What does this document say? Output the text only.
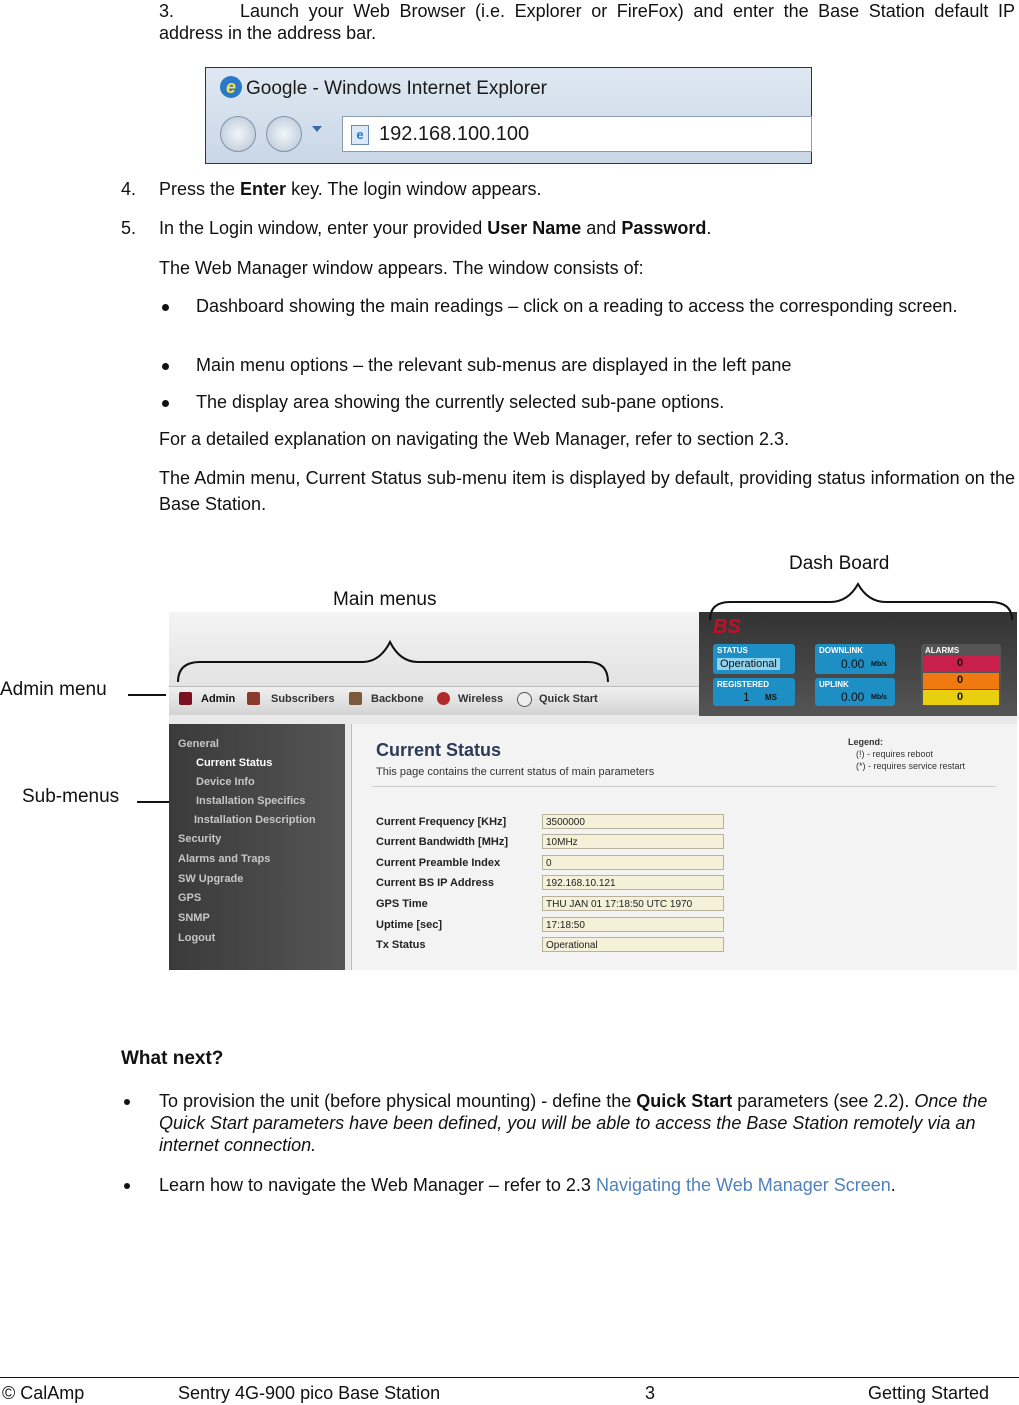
3.	Launch your Web Browser (i.e. Explorer or FireFox) and enter the Base Station default IP address in the address bar.
e Google - Windows Internet Explorer
e 192.168.100.100
4. Press the Enter key. The login window appears.
5. In the Login window, enter your provided User Name and Password.
The Web Manager window appears. The window consists of:
Dashboard showing the main readings – click on a reading to access the corresponding screen.
Main menu options – the relevant sub-menus are displayed in the left pane
The display area showing the currently selected sub-pane options.
For a detailed explanation on navigating the Web Manager, refer to section 2.3.
The Admin menu, Current Status sub-menu item is displayed by default, providing status information on the Base Station.
Dash Board
Main menus
Admin menu
Sub-menus
Admin	Subscribers	Backbone	Wireless	Quick Start
BS
STATUS
Operational
REGISTERED
1 MS
DOWNLINK
0.00 Mb/s
UPLINK
0.00 Mb/s
ALARMS
0
0
0
General
Current Status
Device Info
Installation Specifics
Installation Description
Security
Alarms and Traps
SW Upgrade
GPS
SNMP
Logout
Current Status
This page contains the current status of main parameters
Legend:
(!) - requires reboot
(*) - requires service restart
Current Frequency [KHz]	3500000
Current Bandwidth [MHz]	10MHz
Current Preamble Index	0
Current BS IP Address	192.168.10.121
GPS Time	THU JAN 01 17:18:50 UTC 1970
Uptime [sec]	17:18:50
Tx Status	Operational
What next?
To provision the unit (before physical mounting) - define the Quick Start parameters (see 2.2). Once the Quick Start parameters have been defined, you will be able to access the Base Station remotely via an internet connection.
Learn how to navigate the Web Manager – refer to 2.3 Navigating the Web Manager Screen.
© CalAmp	Sentry 4G-900 pico Base Station	3	Getting Started
